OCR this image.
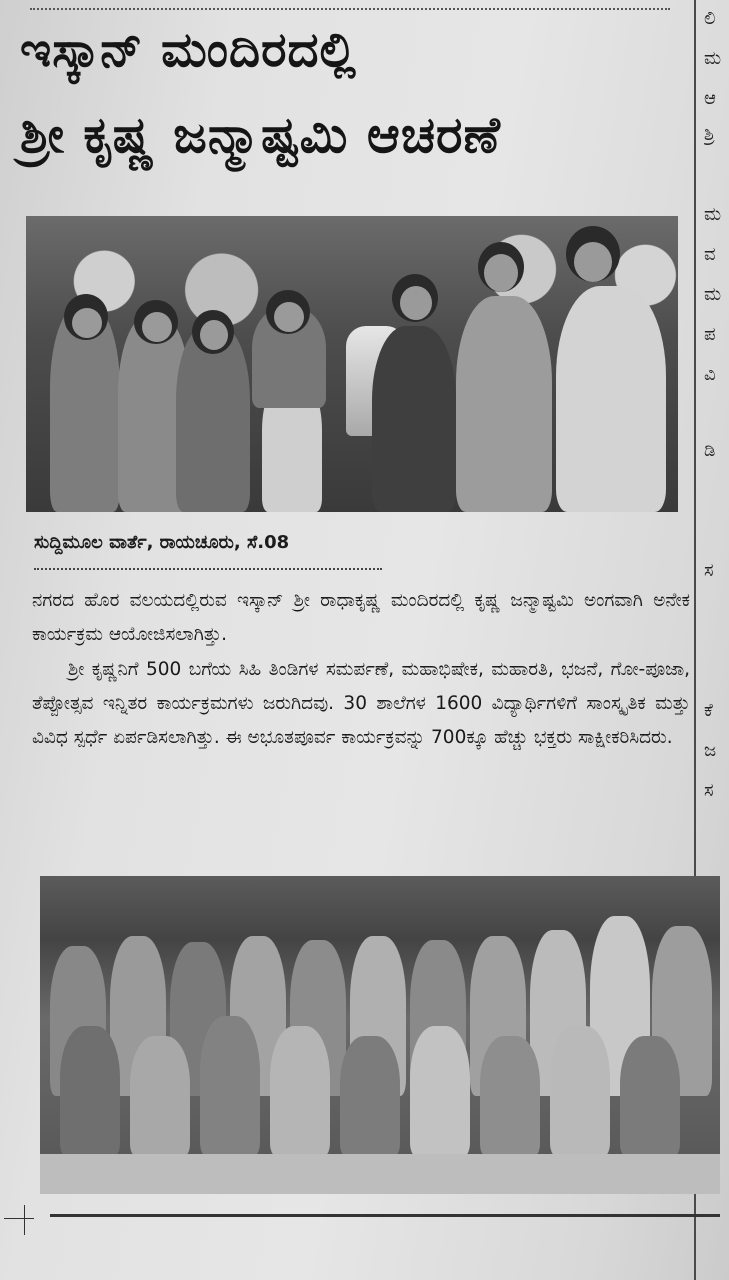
ಇಸ್ಕಾನ್ ಮಂದಿರದಲ್ಲಿ
ಶ್ರೀ ಕೃಷ್ಣ ಜನ್ಮಾಷ್ಟಮಿ ಆಚರಣೆ
ಸುದ್ದಿಮೂಲ ವಾರ್ತೆ, ರಾಯಚೂರು, ಸೆ.08

ನಗರದ ಹೊರ ವಲಯದಲ್ಲಿರುವ ಇಸ್ಕಾನ್ ಶ್ರೀ ರಾಧಾಕೃಷ್ಣ ಮಂದಿರದಲ್ಲಿ ಕೃಷ್ಣ ಜನ್ಮಾಷ್ಟಮಿ ಅಂಗವಾಗಿ ಅನೇಕ ಕಾರ್ಯಕ್ರಮ ಆಯೋಜಿಸಲಾಗಿತ್ತು.

ಶ್ರೀ ಕೃಷ್ಣನಿಗೆ 500 ಬಗೆಯ ಸಿಹಿ ತಿಂಡಿಗಳ ಸಮರ್ಪಣೆ, ಮಹಾಭಿಷೇಕ, ಮಹಾರತಿ, ಭಜನೆ, ಗೋ-ಪೂಜಾ, ತೆಪ್ಪೋತ್ಸವ ಇನ್ನಿತರ ಕಾರ್ಯಕ್ರಮಗಳು ಜರುಗಿದವು. 30 ಶಾಲೆಗಳ 1600 ವಿದ್ಯಾರ್ಥಿಗಳಿಗೆ ಸಾಂಸ್ಕೃತಿಕ ಮತ್ತು ವಿವಿಧ ಸ್ಪರ್ಧೆ ಏರ್ಪಡಿಸಲಾಗಿತ್ತು. ಈ ಅಭೂತಪೂರ್ವ ಕಾರ್ಯಕ್ರವನ್ನು 700ಕ್ಕೂ ಹೆಚ್ಚು ಭಕ್ತರು ಸಾಕ್ಷೀಕರಿಸಿದರು.

ಲಿ
ಮ
ಆ
ಶ್ರಿ
ಮ
ವ
ಮ
ಪ
ವಿ
ಡಿ
ಸ
ಕೆ
ಜ
ಸ
